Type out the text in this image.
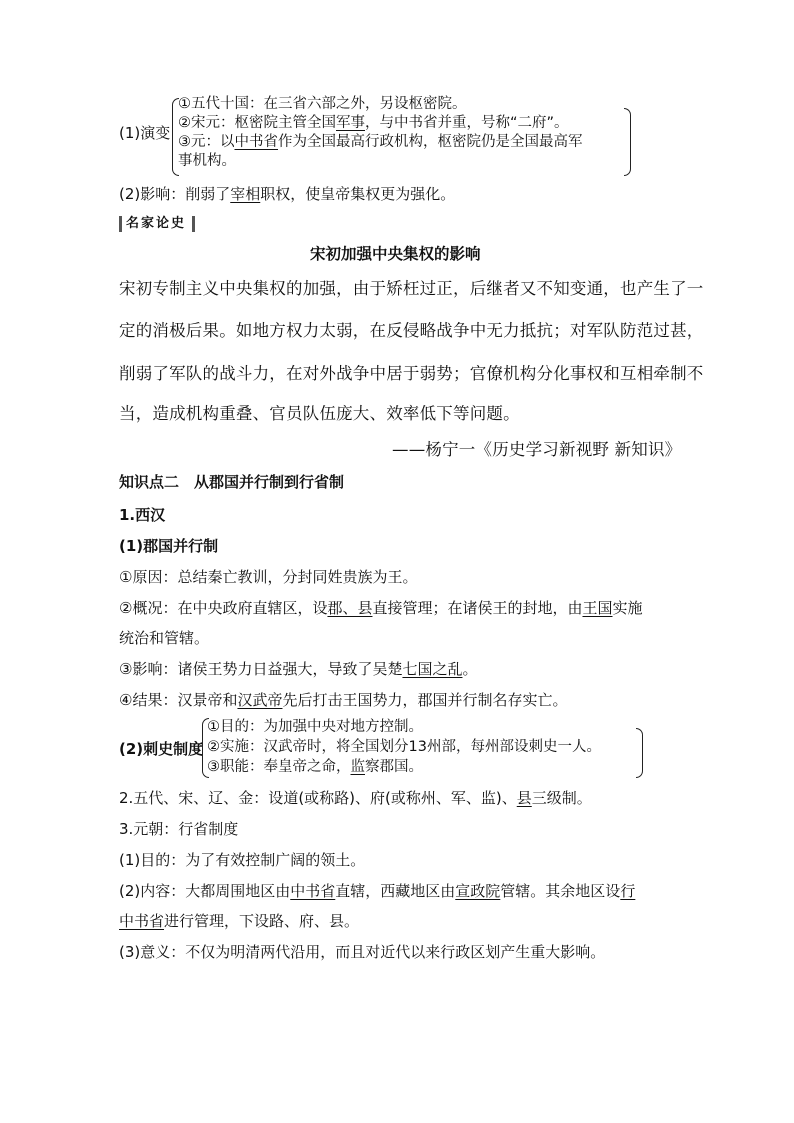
(1)演变
①五代十国：在三省六部之外，另设枢密院。
②宋元：枢密院主管全国军事，与中书省并重，号称“二府”。
③元：以中书省作为全国最高行政机构，枢密院仍是全国最高军
事机构。
(2)影响：削弱了宰相职权，使皇帝集权更为强化。
名家论史
宋初加强中央集权的影响
宋初专制主义中央集权的加强，由于矫枉过正，后继者又不知变通，也产生了一
定的消极后果。如地方权力太弱，在反侵略战争中无力抵抗；对军队防范过甚，
削弱了军队的战斗力，在对外战争中居于弱势；官僚机构分化事权和互相牵制不
当，造成机构重叠、官员队伍庞大、效率低下等问题。
——杨宁一《历史学习新视野 新知识》
知识点二　从郡国并行制到行省制
1.西汉
(1)郡国并行制
①原因：总结秦亡教训，分封同姓贵族为王。
②概况：在中央政府直辖区，设郡、县直接管理；在诸侯王的封地，由王国实施
统治和管辖。
③影响：诸侯王势力日益强大，导致了吴楚七国之乱。
④结果：汉景帝和汉武帝先后打击王国势力，郡国并行制名存实亡。
(2)刺史制度
①目的：为加强中央对地方控制。
②实施：汉武帝时，将全国划分13州部，每州部设刺史一人。
③职能：奉皇帝之命，监察郡国。
2.五代、宋、辽、金：设道(或称路)、府(或称州、军、监)、县三级制。
3.元朝：行省制度
(1)目的：为了有效控制广阔的领土。
(2)内容：大都周围地区由中书省直辖，西藏地区由宣政院管辖。其余地区设行
中书省进行管理，下设路、府、县。
(3)意义：不仅为明清两代沿用，而且对近代以来行政区划产生重大影响。
